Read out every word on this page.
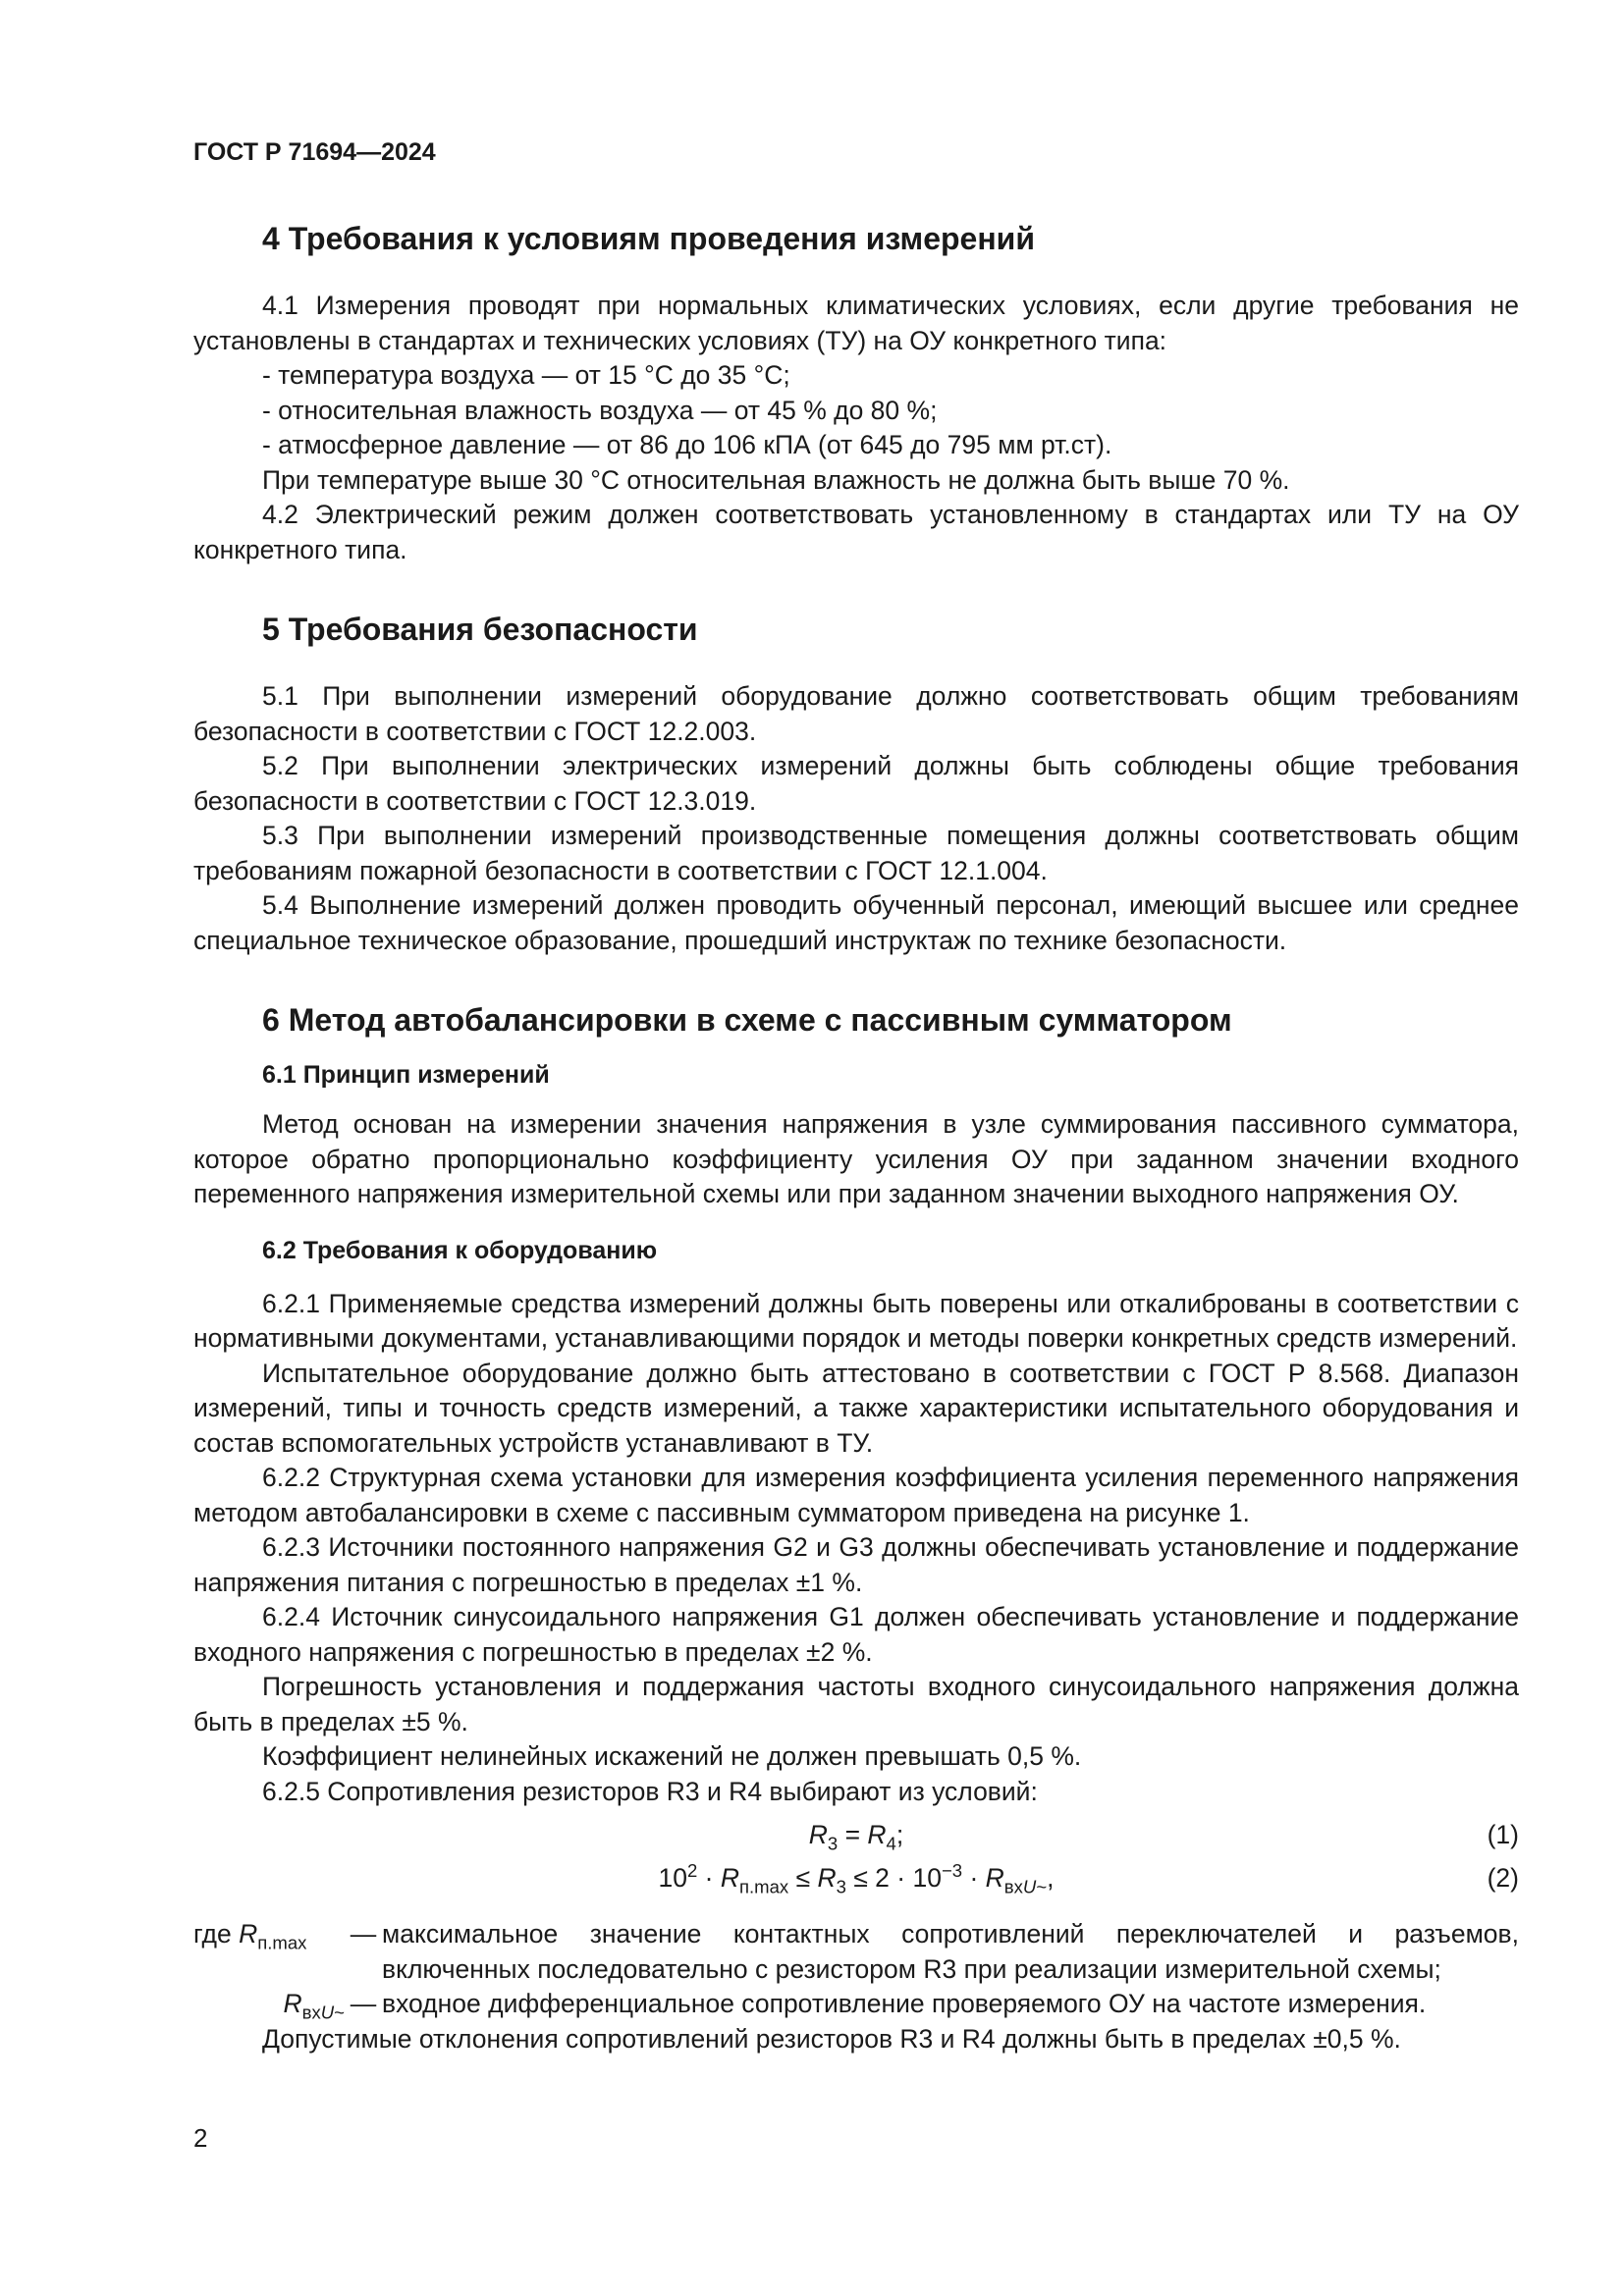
ГОСТ Р 71694—2024
4 Требования к условиям проведения измерений

4.1 Измерения проводят при нормальных климатических условиях, если другие требования не установлены в стандартах и технических условиях (ТУ) на ОУ конкретного типа:

- температура воздуха — от 15 °С до 35 °С;

- относительная влажность воздуха — от 45 % до 80 %;

- атмосферное давление — от 86 до 106 кПА (от 645 до 795 мм рт.ст).

При температуре выше 30 °С относительная влажность не должна быть выше 70 %.

4.2 Электрический режим должен соответствовать установленному в стандартах или ТУ на ОУ конкретного типа.

5 Требования безопасности

5.1 При выполнении измерений оборудование должно соответствовать общим требованиям безопасности в соответствии с ГОСТ 12.2.003.

5.2 При выполнении электрических измерений должны быть соблюдены общие требования безопасности в соответствии с ГОСТ 12.3.019.

5.3 При выполнении измерений производственные помещения должны соответствовать общим требованиям пожарной безопасности в соответствии с ГОСТ 12.1.004.

5.4 Выполнение измерений должен проводить обученный персонал, имеющий высшее или среднее специальное техническое образование, прошедший инструктаж по технике безопасности.

6 Метод автобалансировки в схеме с пассивным сумматором
6.1 Принцип измерений

Метод основан на измерении значения напряжения в узле суммирования пассивного сумматора, которое обратно пропорционально коэффициенту усиления ОУ при заданном значении входного переменного напряжения измерительной схемы или при заданном значении выходного напряжения ОУ.

6.2 Требования к оборудованию

6.2.1 Применяемые средства измерений должны быть поверены или откалиброваны в соответствии с нормативными документами, устанавливающими порядок и методы поверки конкретных средств измерений.

Испытательное оборудование должно быть аттестовано в соответствии с ГОСТ Р 8.568. Диапазон измерений, типы и точность средств измерений, а также характеристики испытательного оборудования и состав вспомогательных устройств устанавливают в ТУ.

6.2.2 Структурная схема установки для измерения коэффициента усиления переменного напряжения методом автобалансировки в схеме с пассивным сумматором приведена на рисунке 1.

6.2.3 Источники постоянного напряжения G2 и G3 должны обеспечивать установление и поддержание напряжения питания с погрешностью в пределах ±1 %.

6.2.4 Источник синусоидального напряжения G1 должен обеспечивать установление и поддержание входного напряжения с погрешностью в пределах ±2 %.

Погрешность установления и поддержания частоты входного синусоидального напряжения должна быть в пределах ±5 %.

Коэффициент нелинейных искажений не должен превышать 0,5 %.

6.2.5 Сопротивления резисторов R3 и R4 выбирают из условий:

$R_3 = R_4$;	(1)
$10^2 \cdot R_{п.max} \le R_3 \le 2 \cdot 10^{-3} \cdot R_{вхU\sim}$,	(2)
где $R_{п.max}$	— максимальное значение контактных сопротивлений переключателей и разъемов, включенных последовательно с резистором R3 при реализации измерительной схемы;
$R_{вхU\sim}$ — входное дифференциальное сопротивление проверяемого ОУ на частоте измерения.

Допустимые отклонения сопротивлений резисторов R3 и R4 должны быть в пределах ±0,5 %.

2
